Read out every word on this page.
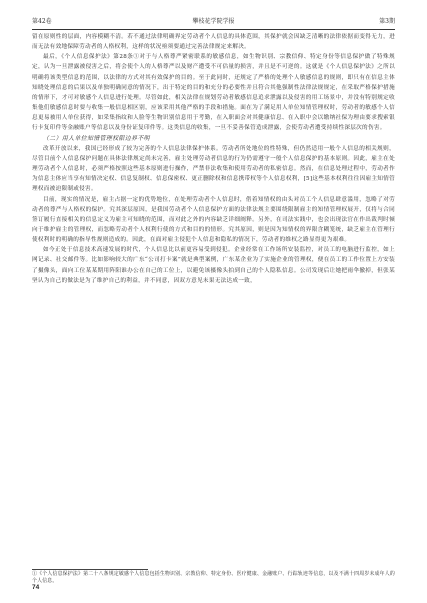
第42卷	攀枝花学院学报	第3期

留在原则性的层面，内容模糊不清。若不通过法律明确界定劳动者个人信息的具体范围，其保护就会因缺乏清晰的法律依据而变得无力，进而无法有效地保障劳动者的人格权利，这样的状况亟须要通过完善法律规定来解决。

最后，《个人信息保护法》第28条①对于与人格尊严紧密联系的敏感信息，如生物识别、宗教信仰、特定身份等信息保护做了特殊规定，认为一旦泄露被侵害之后，将会使个人的人格尊严以及财产遭受不可估量的损害，并且是不可逆的。这就是《个人信息保护法》之所以明确将该类型信息的范围，以法律的方式对其有效保护的目的。至于此同时，还规定了严格的处理个人敏感信息的规则，即只有在信息主体知晓处理信息的后果以及单独明确同意的情况下，出于特定的目的和充分的必要性并且符合其他强制性法律法规规定，在采取严格保护措施的情形下，才可对敏感个人信息进行处理。尽管如此，相关法律在规划劳动者敏感信息追求泄露以及侵害的用工场景中，并没有特别规定收集他们敏感信息时要与收集一般信息相区别，应该采用其他严格的手段和措施。面在为了满足用人单位知情管理权时，劳动者的敏感个人信息更易被用人单位获得，如采集指纹和人脸等生物识别信息用于考勤，在入职面会对其健康信息、在入职中会以缴纳社保为理由要求搜索银行卡复印件等金融账户等信息以及身份证复印件等。这类信息的收集，一旦不妥善保管造成泄露，会使劳动者遭受持续性深层次的伤害。

（二）用人单位知情管理权限边界不明

改革开放以来，我国已经形成了较为完善的个人信息法律保护体系。劳动者所处地位的性特殊，但仍然适用一般个人信息的相关规则，尽管目前个人信息保护问题在具体法律规定尚未完善，雇主处理劳动者信息的行为仍需遵守一般个人信息保护的基本原则。因此，雇主在处理劳动者个人信息时，必须严格按照这些基本原则进行操作，严禁非法收集和使用劳动者的私密信息。然而，在信息处理过程中，劳动者作为信息主体应当享有知情决定权、信息复制权、信息保密权、更正删除权和信息携带权等个人信息权利，[5]这些基本权利往往因雇主知情管理权而被迫限制或侵害。

目前，现实的情况是，雇主占据一定的优势地位，在处理劳动者个人信息时，借着知情权的由头对员工个人信息肆意滥用，忽略了对劳动者的尊严与人格权的保护。究其深层原因，是我国劳动者个人信息保护方面的法律法规主要围绕限制雇主的知情管理权展开，仅将与合同签订履行直接相关的信息定义为雇主可知晓的范围，而对此之外的内容缺乏详细阐释。另外，在司法实践中，也会出现法官在作出裁判时倾向于维护雇主的管理权，而忽略劳动者个人权利行使的方式和目的的情形。究其原因，则是因为知情权的界限含糊笼统，缺乏雇主在管理行使权利时的明确的指导性规则造成的。因此，在面对雇主侵犯个人信息和隐私的情况下，劳动者的维权之路显得更为艰难。

如今正处于信息技术高速发展的时代，个人信息比以前更容易受到侵犯。企业经常在工作场所安装监控，对员工的电脑进行监控，如上网记录、社交邮件等。比如影响较大的广东“公司打卡案”就是典型案例，广东某企业为了实施企业的管理权，便在员工的工作位置上方安装了摄像头，面向工位某某期用阵阳谁办公在自己的工位上，以避免该摄像头拍到自己的个人隐私信息。公司发现后让她把雨伞撤掉，但张某坚认为自己的做法是为了维护自己的利益，并不同意，因双方意见未果无法达成一致，

①《个人信息保护法》第二十八条规定敏感个人信息包括生物识别、宗教信仰、特定身份、医疗健康、金融账户、行踪轨迹等信息，以及不满十四周岁未成年人的个人信息。
74
